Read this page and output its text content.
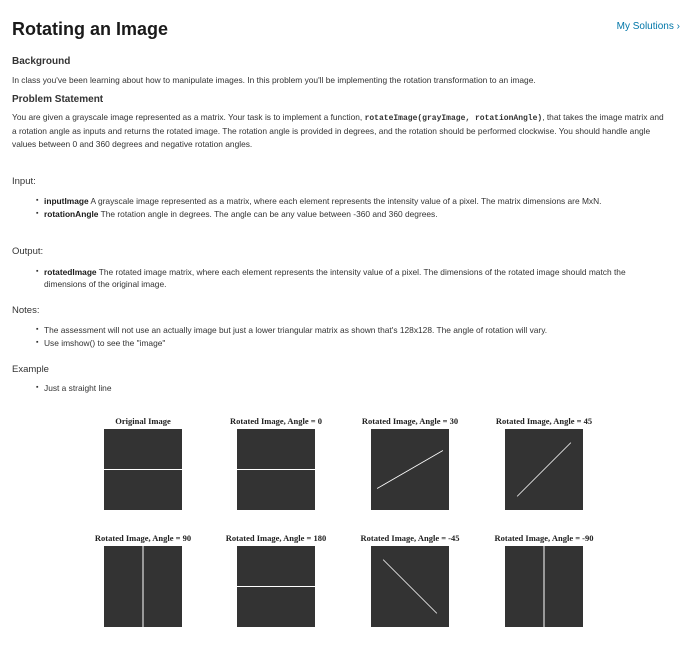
Rotating an Image	My Solutions ›
Background
In class you've been learning about how to manipulate images. In this problem you'll be implementing the rotation transformation to an image.
Problem Statement
You are given a grayscale image represented as a matrix. Your task is to implement a function, rotateImage(grayImage, rotationAngle), that takes the image matrix and a rotation angle as inputs and returns the rotated image. The rotation angle is provided in degrees, and the rotation should be performed clockwise. You should handle angle values between 0 and 360 degrees and negative rotation angles.
Input:
▪ inputImage A grayscale image represented as a matrix, where each element represents the intensity value of a pixel. The matrix dimensions are MxN.
▪ rotationAngle The rotation angle in degrees. The angle can be any value between -360 and 360 degrees.
Output:
▪ rotatedImage The rotated image matrix, where each element represents the intensity value of a pixel. The dimensions of the rotated image should match the dimensions of the original image.
Notes:
▪ The assessment will not use an actually image but just a lower triangular matrix as shown that's 128x128. The angle of rotation will vary.
▪ Use imshow() to see the "image"
Example
▪ Just a straight line
Original Image	Rotated Image, Angle = 0	Rotated Image, Angle = 30	Rotated Image, Angle = 45
Rotated Image, Angle = 90	Rotated Image, Angle = 180	Rotated Image, Angle = -45	Rotated Image, Angle = -90
